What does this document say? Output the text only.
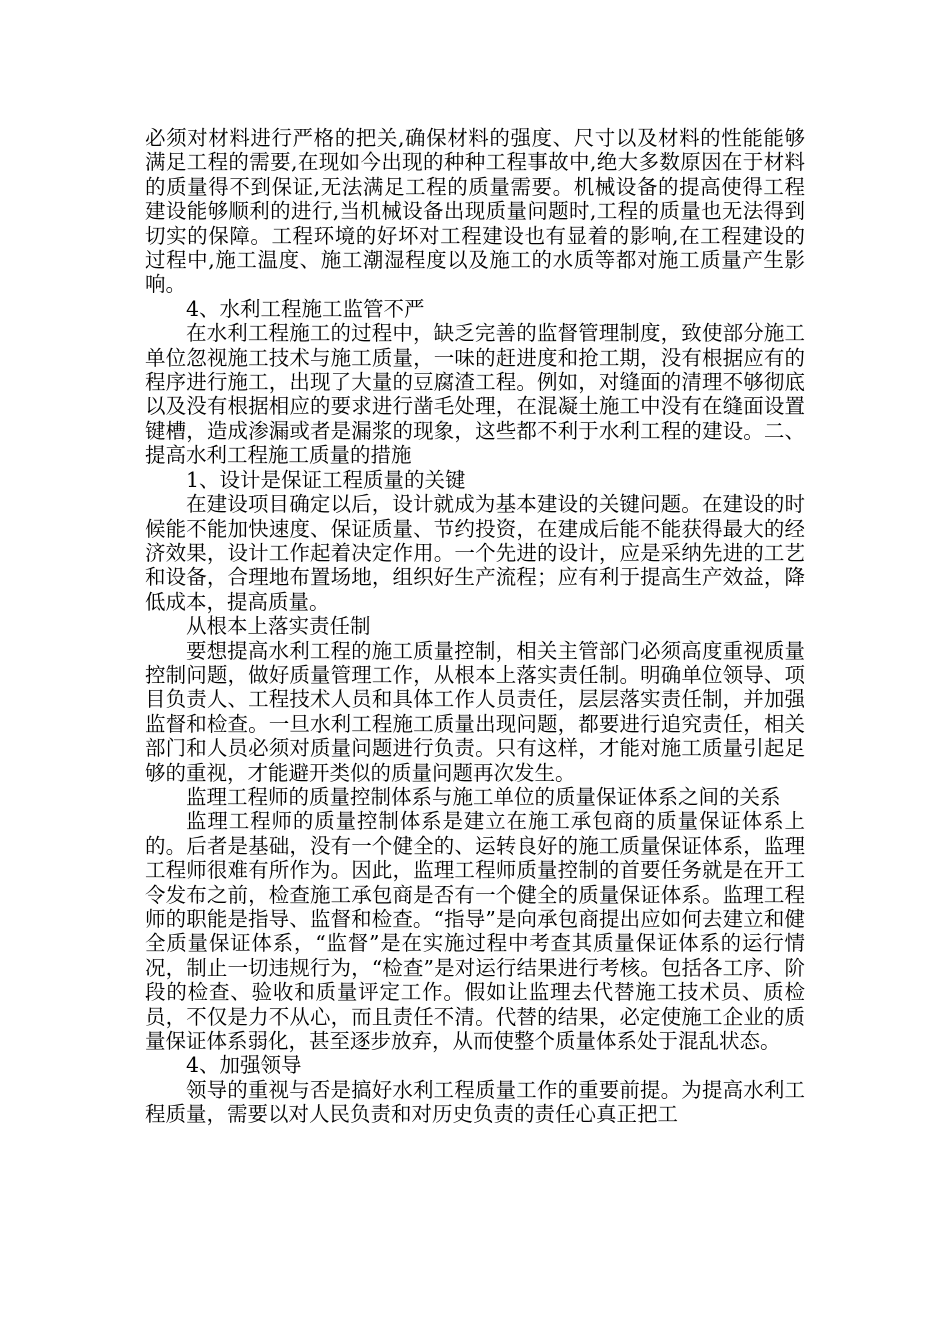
必须对材料进行严格的把关,确保材料的强度、尺寸以及材料的性能能够满足工程的需要,在现如今出现的种种工程事故中,绝大多数原因在于材料的质量得不到保证,无法满足工程的质量需要。机械设备的提高使得工程建设能够顺利的进行,当机械设备出现质量问题时,工程的质量也无法得到切实的保障。工程环境的好坏对工程建设也有显着的影响,在工程建设的过程中,施工温度、施工潮湿程度以及施工的水质等都对施工质量产生影响。

4、水利工程施工监管不严

在水利工程施工的过程中，缺乏完善的监督管理制度，致使部分施工单位忽视施工技术与施工质量，一味的赶进度和抢工期，没有根据应有的程序进行施工，出现了大量的豆腐渣工程。例如，对缝面的清理不够彻底以及没有根据相应的要求进行凿毛处理，在混凝土施工中没有在缝面设置键槽，造成渗漏或者是漏浆的现象，这些都不利于水利工程的建设。二、提高水利工程施工质量的措施

1、设计是保证工程质量的关键

在建设项目确定以后，设计就成为基本建设的关键问题。在建设的时候能不能加快速度、保证质量、节约投资，在建成后能不能获得最大的经济效果，设计工作起着决定作用。一个先进的设计，应是采纳先进的工艺和设备，合理地布置场地，组织好生产流程；应有利于提高生产效益，降低成本，提高质量。

从根本上落实责任制

要想提高水利工程的施工质量控制，相关主管部门必须高度重视质量控制问题，做好质量管理工作，从根本上落实责任制。明确单位领导、项目负责人、工程技术人员和具体工作人员责任，层层落实责任制，并加强监督和检查。一旦水利工程施工质量出现问题，都要进行追究责任，相关部门和人员必须对质量问题进行负责。只有这样，才能对施工质量引起足够的重视，才能避开类似的质量问题再次发生。

监理工程师的质量控制体系与施工单位的质量保证体系之间的关系

监理工程师的质量控制体系是建立在施工承包商的质量保证体系上的。后者是基础，没有一个健全的、运转良好的施工质量保证体系，监理工程师很难有所作为。因此，监理工程师质量控制的首要任务就是在开工令发布之前，检查施工承包商是否有一个健全的质量保证体系。监理工程师的职能是指导、监督和检查。“指导”是向承包商提出应如何去建立和健全质量保证体系，“监督”是在实施过程中考查其质量保证体系的运行情况，制止一切违规行为，“检查”是对运行结果进行考核。包括各工序、阶段的检查、验收和质量评定工作。假如让监理去代替施工技术员、质检员，不仅是力不从心，而且责任不清。代替的结果，必定使施工企业的质量保证体系弱化，甚至逐步放弃，从而使整个质量体系处于混乱状态。

4、加强领导

领导的重视与否是搞好水利工程质量工作的重要前提。为提高水利工程质量，需要以对人民负责和对历史负责的责任心真正把工
